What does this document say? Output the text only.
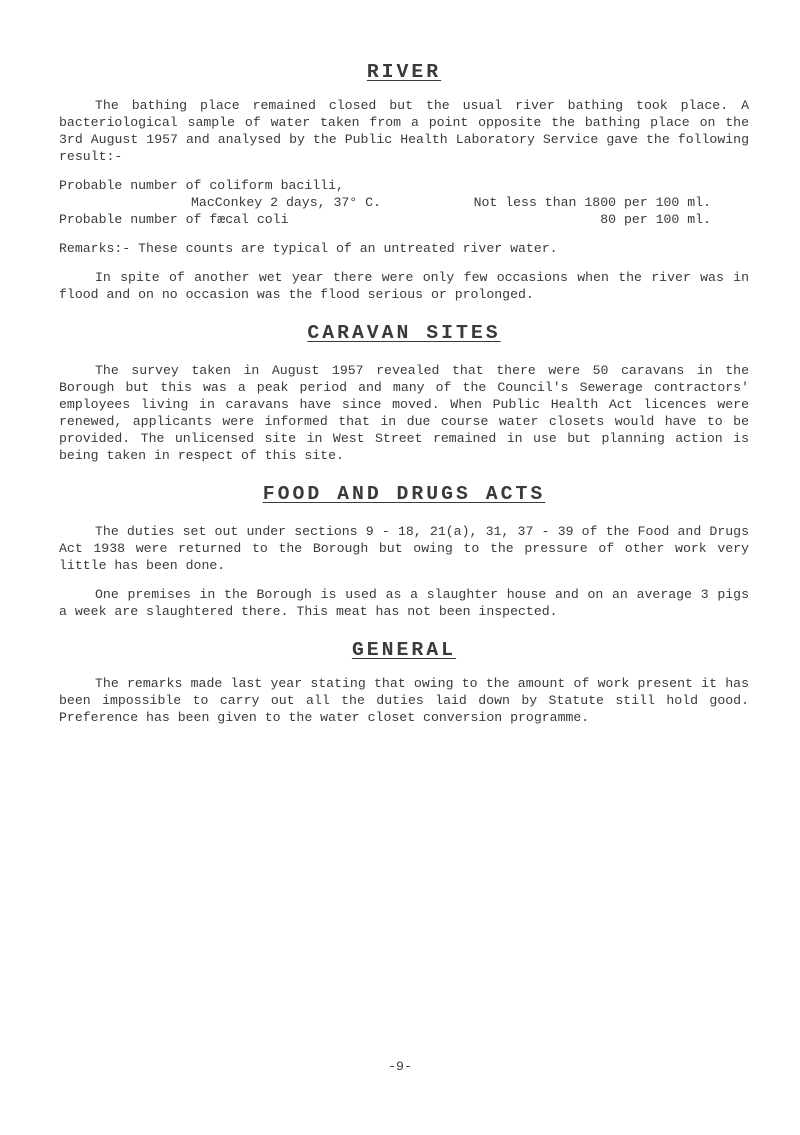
RIVER

The bathing place remained closed but the usual river bathing took place. A bacteriological sample of water taken from a point opposite the bathing place on the 3rd August 1957 and analysed by the Public Health Laboratory Service gave the following result:-

Probable number of coliform bacilli,
MacConkey 2 days, 37° C.	Not less than 1800 per 100 ml.
Probable number of fæcal coli	80 per 100 ml.

Remarks:- These counts are typical of an untreated river water.

In spite of another wet year there were only few occasions when the river was in flood and on no occasion was the flood serious or prolonged.

CARAVAN SITES

The survey taken in August 1957 revealed that there were 50 caravans in the Borough but this was a peak period and many of the Council's Sewerage contractors' employees living in caravans have since moved. When Public Health Act licences were renewed, applicants were informed that in due course water closets would have to be provided. The unlicensed site in West Street remained in use but planning action is being taken in respect of this site.

FOOD AND DRUGS ACTS

The duties set out under sections 9 - 18, 21(a), 31, 37 - 39 of the Food and Drugs Act 1938 were returned to the Borough but owing to the pressure of other work very little has been done.

One premises in the Borough is used as a slaughter house and on an average 3 pigs a week are slaughtered there. This meat has not been inspected.

GENERAL

The remarks made last year stating that owing to the amount of work present it has been impossible to carry out all the duties laid down by Statute still hold good. Preference has been given to the water closet conversion programme.

-9-
